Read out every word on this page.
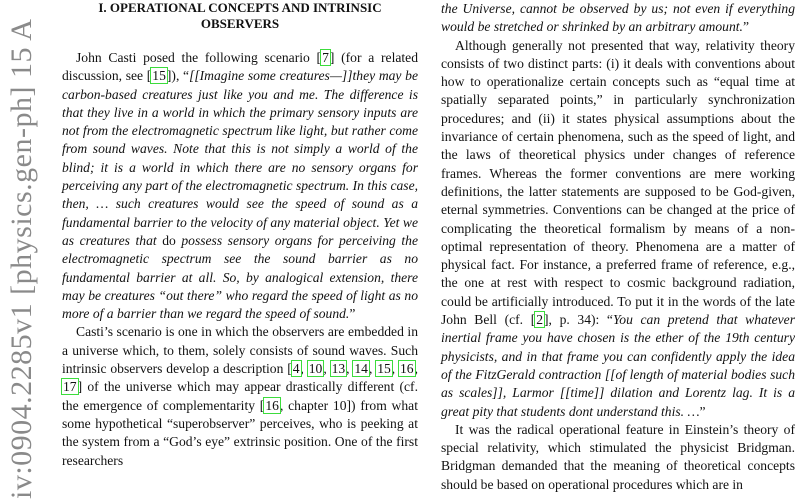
iv:0904.2285v1 [physics.gen-ph] 15 A
I. OPERATIONAL CONCEPTS AND INTRINSIC OBSERVERS

John Casti posed the following scenario [7] (for a related discussion, see [15]), “[[Imagine some creatures—]]they may be carbon-based creatures just like you and me. The difference is that they live in a world in which the primary sensory inputs are not from the electromagnetic spectrum like light, but rather come from sound waves. Note that this is not simply a world of the blind; it is a world in which there are no sensory organs for perceiving any part of the electromagnetic spectrum. In this case, then, … such creatures would see the speed of sound as a fundamental barrier to the velocity of any material object. Yet we as creatures that do possess sensory organs for perceiving the electromagnetic spectrum see the sound barrier as no fundamental barrier at all. So, by analogical extension, there may be creatures “out there” who regard the speed of light as no more of a barrier than we regard the speed of sound.”

Casti’s scenario is one in which the observers are embedded in a universe which, to them, solely consists of sound waves. Such intrinsic observers develop a description [4, 10, 13, 14, 15, 16, 17] of the universe which may appear drastically different (cf. the emergence of complementarity [16, chapter 10]) from what some hypothetical “superobserver” perceives, who is peeking at the system from a “God’s eye” extrinsic position. One of the first researchers

the Universe, cannot be observed by us; not even if everything would be stretched or shrinked by an arbitrary amount.”

Although generally not presented that way, relativity theory consists of two distinct parts: (i) it deals with conventions about how to operationalize certain concepts such as “equal time at spatially separated points,” in particularly synchronization procedures; and (ii) it states physical assumptions about the invariance of certain phenomena, such as the speed of light, and the laws of theoretical physics under changes of reference frames. Whereas the former conventions are mere working definitions, the latter statements are supposed to be God-given, eternal symmetries. Conventions can be changed at the price of complicating the theoretical formalism by means of a non-optimal representation of theory. Phenomena are a matter of physical fact. For instance, a preferred frame of reference, e.g., the one at rest with respect to cosmic background radiation, could be artificially introduced. To put it in the words of the late John Bell (cf. [2], p. 34): “You can pretend that whatever inertial frame you have chosen is the ether of the 19th century physicists, and in that frame you can confidently apply the idea of the FitzGerald contraction [[of length of material bodies such as scales]], Larmor [[time]] dilation and Lorentz lag. It is a great pity that students dont understand this. …”

It was the radical operational feature in Einstein’s theory of special relativity, which stimulated the physicist Bridgman. Bridgman demanded that the meaning of theoretical concepts should be based on operational procedures which are in
